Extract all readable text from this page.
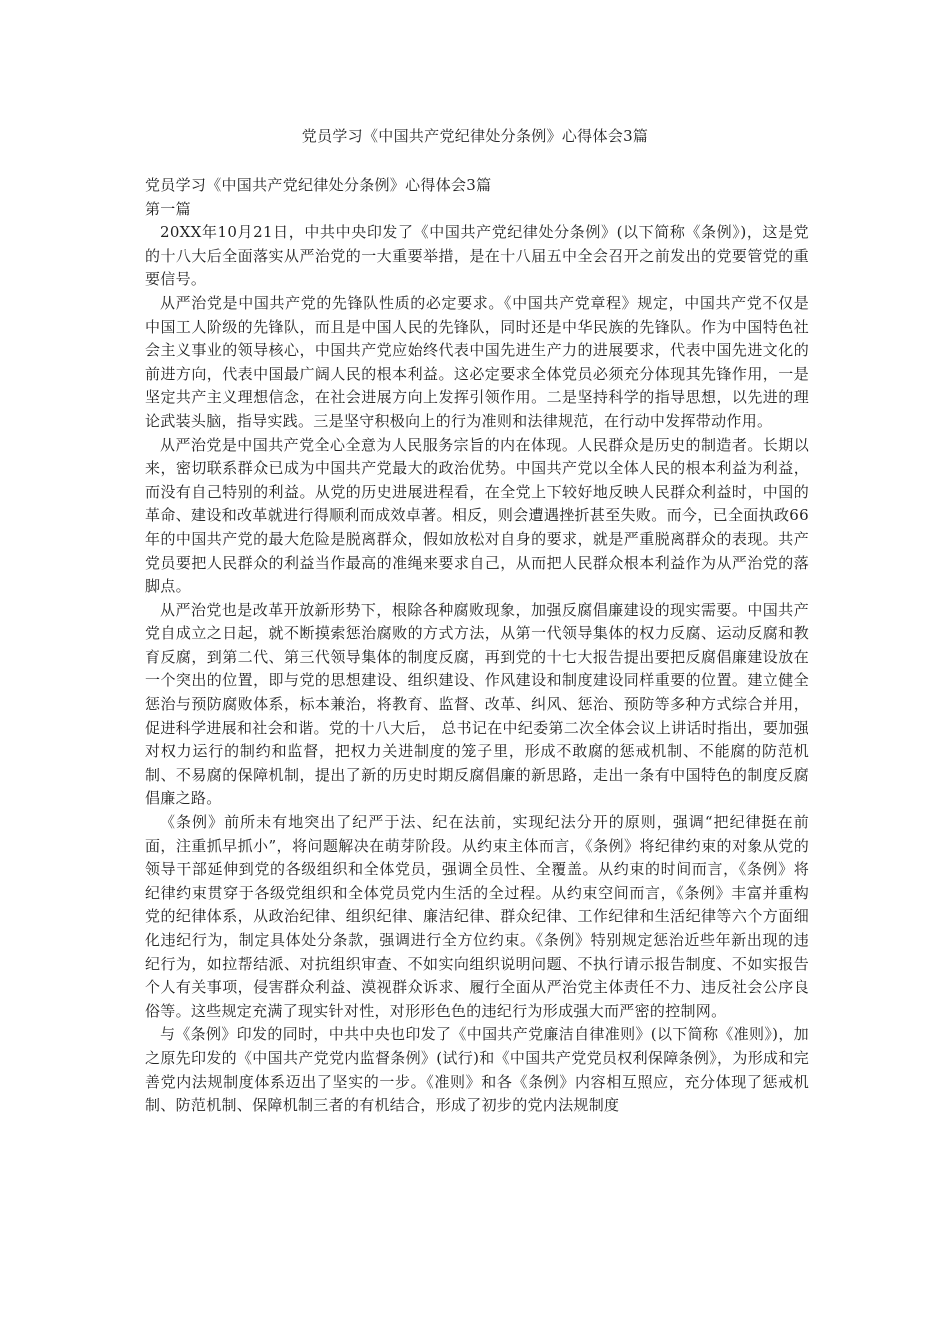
党员学习《中国共产党纪律处分条例》心得体会3篇

党员学习《中国共产党纪律处分条例》心得体会3篇

第一篇

20XX年10月21日，中共中央印发了《中国共产党纪律处分条例》(以下简称《条例》)，这是党的十八大后全面落实从严治党的一大重要举措，是在十八届五中全会召开之前发出的党要管党的重要信号。

从严治党是中国共产党的先锋队性质的必定要求。《中国共产党章程》规定，中国共产党不仅是中国工人阶级的先锋队，而且是中国人民的先锋队，同时还是中华民族的先锋队。作为中国特色社会主义事业的领导核心，中国共产党应始终代表中国先进生产力的进展要求，代表中国先进文化的前进方向，代表中国最广阔人民的根本利益。这必定要求全体党员必须充分体现其先锋作用，一是坚定共产主义理想信念，在社会进展方向上发挥引领作用。二是坚持科学的指导思想，以先进的理论武装头脑，指导实践。三是坚守积极向上的行为准则和法律规范，在行动中发挥带动作用。

从严治党是中国共产党全心全意为人民服务宗旨的内在体现。人民群众是历史的制造者。长期以来，密切联系群众已成为中国共产党最大的政治优势。中国共产党以全体人民的根本利益为利益，而没有自己特别的利益。从党的历史进展进程看，在全党上下较好地反映人民群众利益时，中国的革命、建设和改革就进行得顺利而成效卓著。相反，则会遭遇挫折甚至失败。而今，已全面执政66年的中国共产党的最大危险是脱离群众，假如放松对自身的要求，就是严重脱离群众的表现。共产党员要把人民群众的利益当作最高的准绳来要求自己，从而把人民群众根本利益作为从严治党的落脚点。

从严治党也是改革开放新形势下，根除各种腐败现象，加强反腐倡廉建设的现实需要。中国共产党自成立之日起，就不断摸索惩治腐败的方式方法，从第一代领导集体的权力反腐、运动反腐和教育反腐，到第二代、第三代领导集体的制度反腐，再到党的十七大报告提出要把反腐倡廉建设放在一个突出的位置，即与党的思想建设、组织建设、作风建设和制度建设同样重要的位置。建立健全惩治与预防腐败体系，标本兼治，将教育、监督、改革、纠风、惩治、预防等多种方式综合并用，促进科学进展和社会和谐。党的十八大后， 总书记在中纪委第二次全体会议上讲话时指出，要加强对权力运行的制约和监督，把权力关进制度的笼子里，形成不敢腐的惩戒机制、不能腐的防范机制、不易腐的保障机制，提出了新的历史时期反腐倡廉的新思路，走出一条有中国特色的制度反腐倡廉之路。

《条例》前所未有地突出了纪严于法、纪在法前，实现纪法分开的原则，强调“把纪律挺在前面，注重抓早抓小”，将问题解决在萌芽阶段。从约束主体而言，《条例》将纪律约束的对象从党的领导干部延伸到党的各级组织和全体党员，强调全员性、全覆盖。从约束的时间而言，《条例》将纪律约束贯穿于各级党组织和全体党员党内生活的全过程。从约束空间而言，《条例》丰富并重构党的纪律体系，从政治纪律、组织纪律、廉洁纪律、群众纪律、工作纪律和生活纪律等六个方面细化违纪行为，制定具体处分条款，强调进行全方位约束。《条例》特别规定惩治近些年新出现的违纪行为，如拉帮结派、对抗组织审查、不如实向组织说明问题、不执行请示报告制度、不如实报告个人有关事项，侵害群众利益、漠视群众诉求、履行全面从严治党主体责任不力、违反社会公序良俗等。这些规定充满了现实针对性，对形形色色的违纪行为形成强大而严密的控制网。

与《条例》印发的同时，中共中央也印发了《中国共产党廉洁自律准则》(以下简称《准则》)，加之原先印发的《中国共产党党内监督条例》(试行)和《中国共产党党员权利保障条例》，为形成和完善党内法规制度体系迈出了坚实的一步。《准则》和各《条例》内容相互照应，充分体现了惩戒机制、防范机制、保障机制三者的有机结合，形成了初步的党内法规制度
